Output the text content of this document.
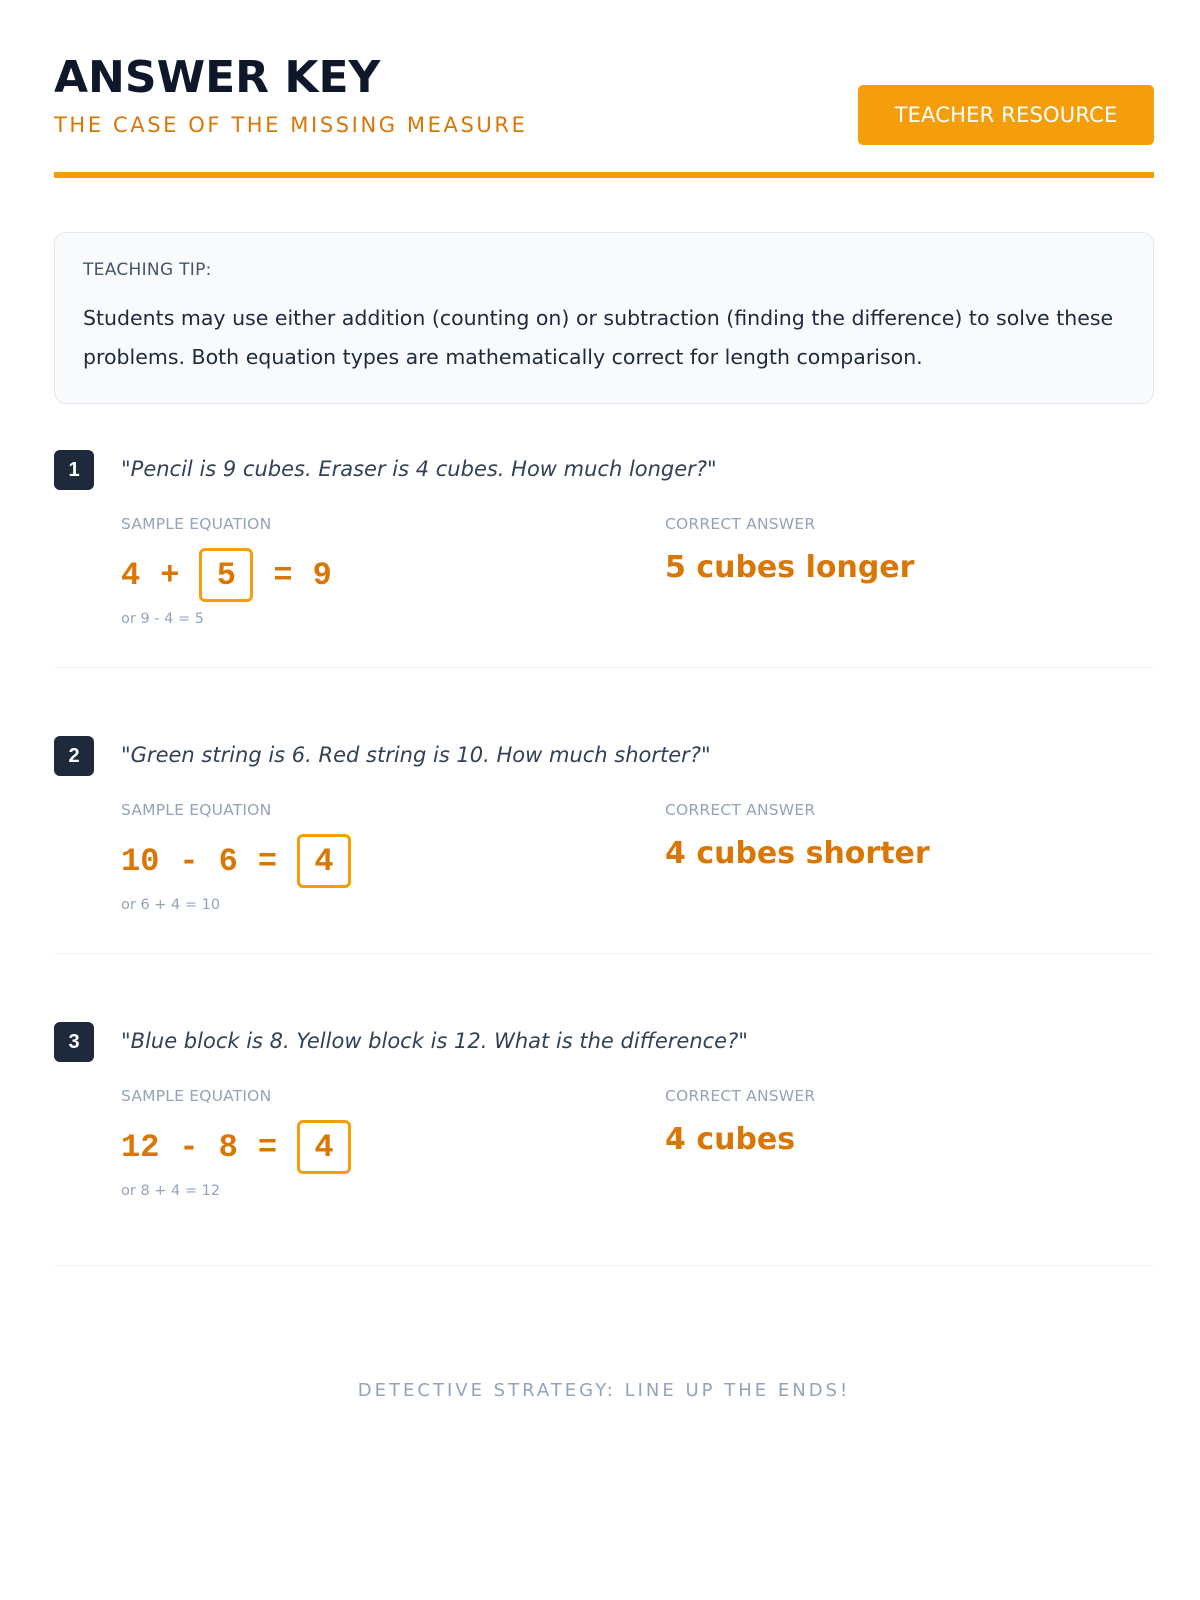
ANSWER KEY
THE CASE OF THE MISSING MEASURE	TEACHER RESOURCE
TEACHING TIP:
Students may use either addition (counting on) or subtraction (finding the difference) to solve these problems. Both equation types are mathematically correct for length comparison.
1	"Pencil is 9 cubes. Eraser is 4 cubes. How much longer?"
SAMPLE EQUATION	CORRECT ANSWER
4 +	5	= 9
or 9 - 4 = 5
5 cubes longer
2	"Green string is 6. Red string is 10. How much shorter?"
SAMPLE EQUATION	CORRECT ANSWER
10 - 6 =	4
or 6 + 4 = 10
4 cubes shorter
3	"Blue block is 8. Yellow block is 12. What is the difference?"
SAMPLE EQUATION	CORRECT ANSWER
12 - 8 =	4
or 8 + 4 = 12
4 cubes
DETECTIVE STRATEGY: LINE UP THE ENDS!
